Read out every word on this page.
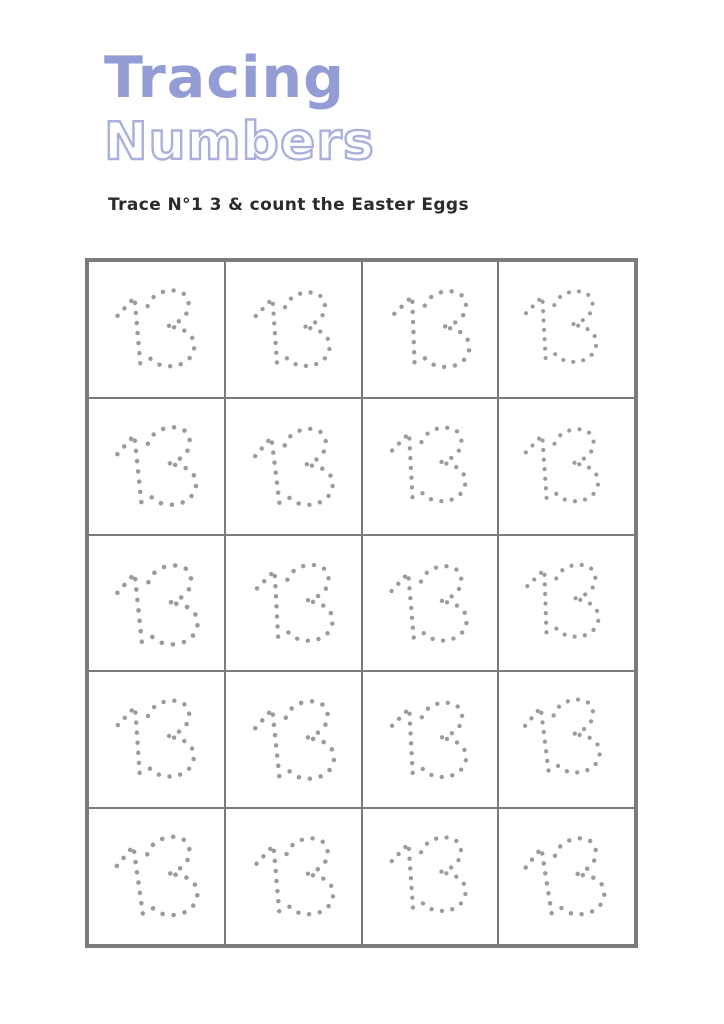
Tracing
Numbers

Trace N°1 3 & count the Easter Eggs
